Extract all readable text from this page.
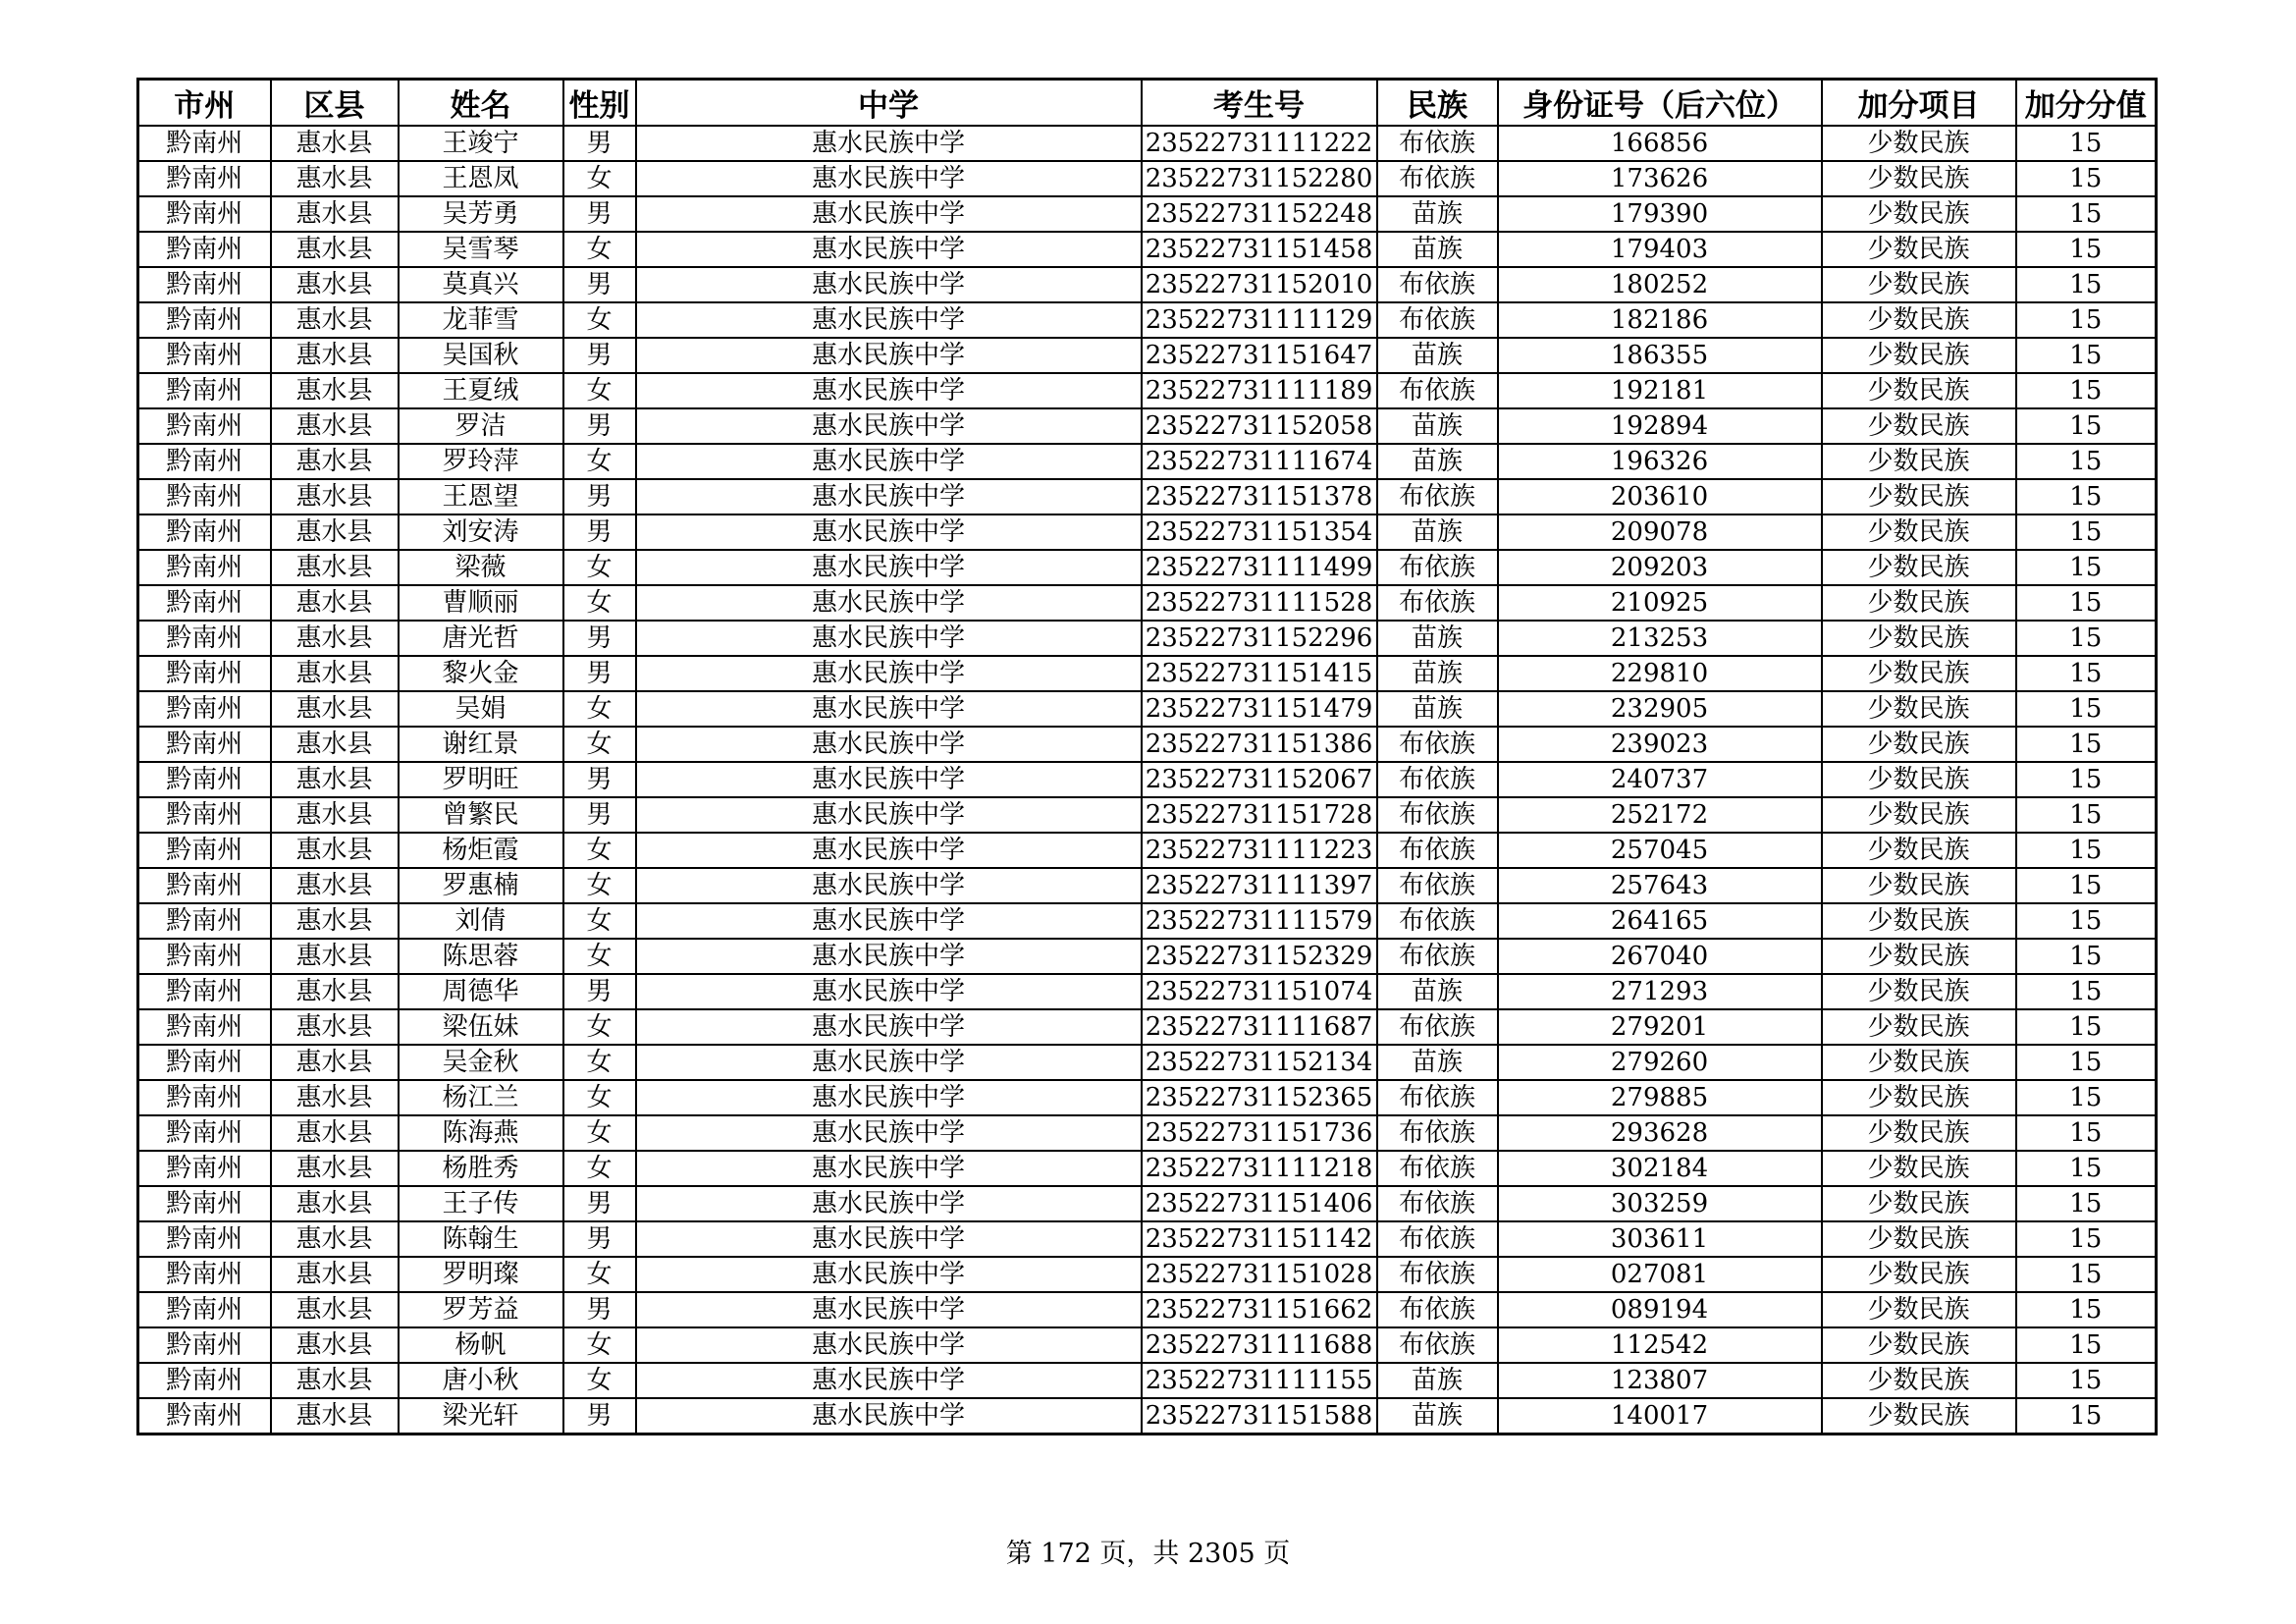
市州	区县	姓名	性别	中学	考生号	民族	身份证号（后六位）	加分项目	加分分值
黔南州	惠水县	王竣宁	男	惠水民族中学	23522731111222	布依族	166856	少数民族	15
黔南州	惠水县	王恩凤	女	惠水民族中学	23522731152280	布依族	173626	少数民族	15
黔南州	惠水县	吴芳勇	男	惠水民族中学	23522731152248	苗族	179390	少数民族	15
黔南州	惠水县	吴雪琴	女	惠水民族中学	23522731151458	苗族	179403	少数民族	15
黔南州	惠水县	莫真兴	男	惠水民族中学	23522731152010	布依族	180252	少数民族	15
黔南州	惠水县	龙菲雪	女	惠水民族中学	23522731111129	布依族	182186	少数民族	15
黔南州	惠水县	吴国秋	男	惠水民族中学	23522731151647	苗族	186355	少数民族	15
黔南州	惠水县	王夏绒	女	惠水民族中学	23522731111189	布依族	192181	少数民族	15
黔南州	惠水县	罗洁	男	惠水民族中学	23522731152058	苗族	192894	少数民族	15
黔南州	惠水县	罗玲萍	女	惠水民族中学	23522731111674	苗族	196326	少数民族	15
黔南州	惠水县	王恩望	男	惠水民族中学	23522731151378	布依族	203610	少数民族	15
黔南州	惠水县	刘安涛	男	惠水民族中学	23522731151354	苗族	209078	少数民族	15
黔南州	惠水县	梁薇	女	惠水民族中学	23522731111499	布依族	209203	少数民族	15
黔南州	惠水县	曹顺丽	女	惠水民族中学	23522731111528	布依族	210925	少数民族	15
黔南州	惠水县	唐光哲	男	惠水民族中学	23522731152296	苗族	213253	少数民族	15
黔南州	惠水县	黎火金	男	惠水民族中学	23522731151415	苗族	229810	少数民族	15
黔南州	惠水县	吴娟	女	惠水民族中学	23522731151479	苗族	232905	少数民族	15
黔南州	惠水县	谢红景	女	惠水民族中学	23522731151386	布依族	239023	少数民族	15
黔南州	惠水县	罗明旺	男	惠水民族中学	23522731152067	布依族	240737	少数民族	15
黔南州	惠水县	曾繁民	男	惠水民族中学	23522731151728	布依族	252172	少数民族	15
黔南州	惠水县	杨炬霞	女	惠水民族中学	23522731111223	布依族	257045	少数民族	15
黔南州	惠水县	罗惠楠	女	惠水民族中学	23522731111397	布依族	257643	少数民族	15
黔南州	惠水县	刘倩	女	惠水民族中学	23522731111579	布依族	264165	少数民族	15
黔南州	惠水县	陈思蓉	女	惠水民族中学	23522731152329	布依族	267040	少数民族	15
黔南州	惠水县	周德华	男	惠水民族中学	23522731151074	苗族	271293	少数民族	15
黔南州	惠水县	梁伍妹	女	惠水民族中学	23522731111687	布依族	279201	少数民族	15
黔南州	惠水县	吴金秋	女	惠水民族中学	23522731152134	苗族	279260	少数民族	15
黔南州	惠水县	杨江兰	女	惠水民族中学	23522731152365	布依族	279885	少数民族	15
黔南州	惠水县	陈海燕	女	惠水民族中学	23522731151736	布依族	293628	少数民族	15
黔南州	惠水县	杨胜秀	女	惠水民族中学	23522731111218	布依族	302184	少数民族	15
黔南州	惠水县	王子传	男	惠水民族中学	23522731151406	布依族	303259	少数民族	15
黔南州	惠水县	陈翰生	男	惠水民族中学	23522731151142	布依族	303611	少数民族	15
黔南州	惠水县	罗明璨	女	惠水民族中学	23522731151028	布依族	027081	少数民族	15
黔南州	惠水县	罗芳益	男	惠水民族中学	23522731151662	布依族	089194	少数民族	15
黔南州	惠水县	杨帆	女	惠水民族中学	23522731111688	布依族	112542	少数民族	15
黔南州	惠水县	唐小秋	女	惠水民族中学	23522731111155	苗族	123807	少数民族	15
黔南州	惠水县	梁光轩	男	惠水民族中学	23522731151588	苗族	140017	少数民族	15
第 172 页，共 2305 页
